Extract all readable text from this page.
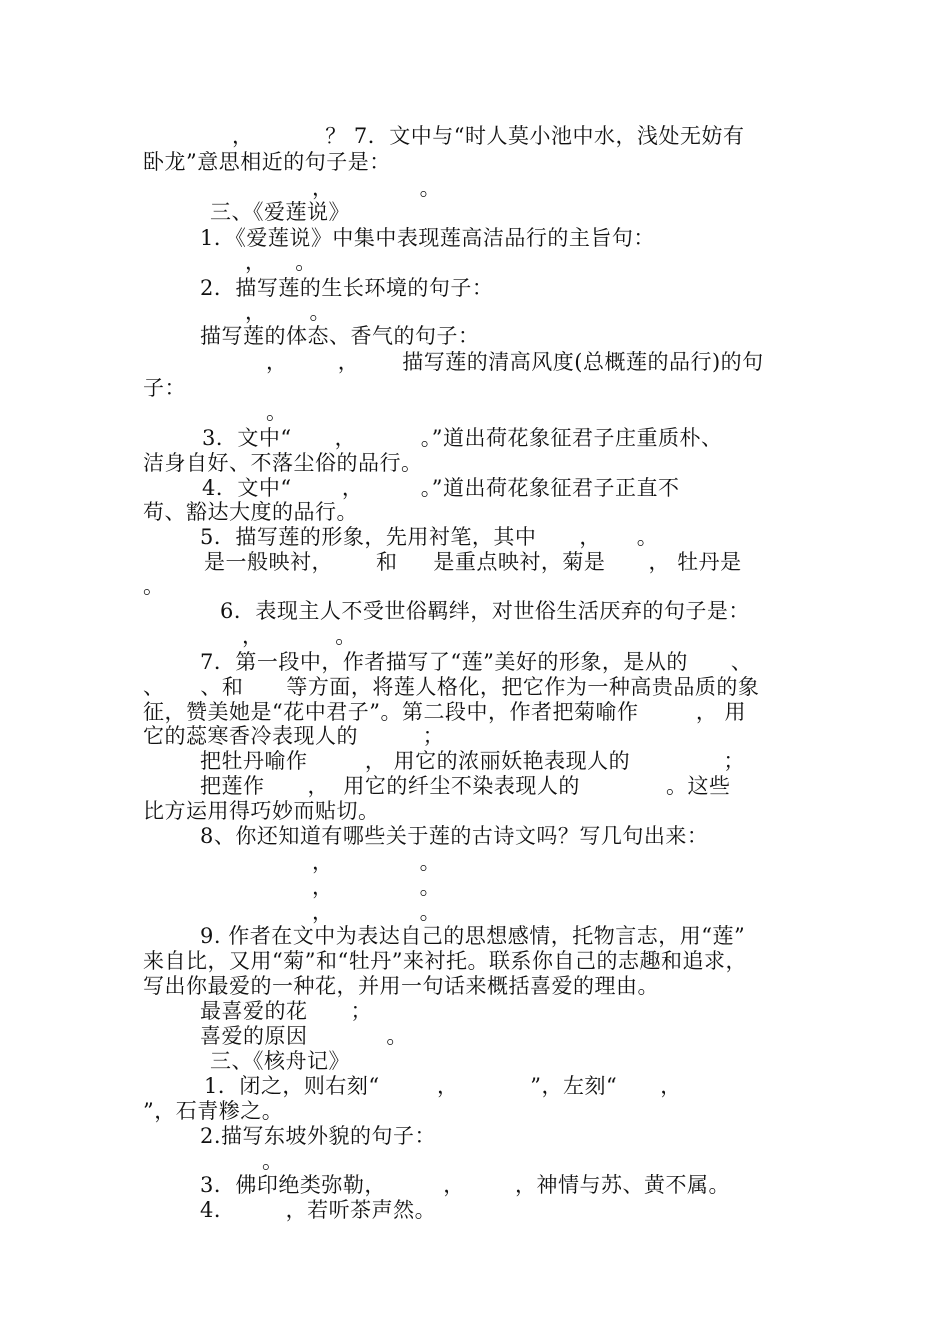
，          ？ 7．文中与“时人莫小池中水，浅处无妨有
卧龙”意思相近的句子是：
，            。
三、《爱莲说》
1．《爱莲说》中集中表现莲高洁品行的主旨句：
，    。
2．描写莲的生长环境的句子：
，      。
描写莲的体态、香气的句子：
，       ，      描写莲的清高风度(总概莲的品行)的句
子：
。
3．文中“      ，         。”道出荷花象征君子庄重质朴、
洁身自好、不落尘俗的品行。
4．文中“       ，        。”道出荷花象征君子正直不
苟、豁达大度的品行。
5．描写莲的形象，先用衬笔，其中      ，     。
是一般映衬，      和     是重点映衬，菊是      ， 牡丹是
。
6．表现主人不受世俗羁绊，对世俗生活厌弃的句子是：
，          。
7．第一段中，作者描写了“莲”美好的形象，是从的      、
、     、和      等方面，将莲人格化，把它作为一种高贵品质的象
征，赞美她是“花中君子”。第二段中，作者把菊喻作        ， 用
它的蕊寒香冷表现人的         ；
把牡丹喻作        ， 用它的浓丽妖艳表现人的             ；
把莲作      ，  用它的纤尘不染表现人的            。这些
比方运用得巧妙而贴切。
8、你还知道有哪些关于莲的古诗文吗？写几句出来：
，            。
，            。
，            。
9. 作者在文中为表达自己的思想感情，托物言志，用“莲”
来自比，又用“菊”和“牡丹”来衬托。联系你自己的志趣和追求，
写出你最爱的一种花，并用一句话来概括喜爱的理由。
最喜爱的花      ；
喜爱的原因           。
三、《核舟记》
1．闭之，则右刻“        ，          ”，左刻“      ，
”，石青糁之。
2.描写东坡外貌的句子：
。
3．佛印绝类弥勒，        ，       ，神情与苏、黄不属。
4．       ，若听茶声然。
